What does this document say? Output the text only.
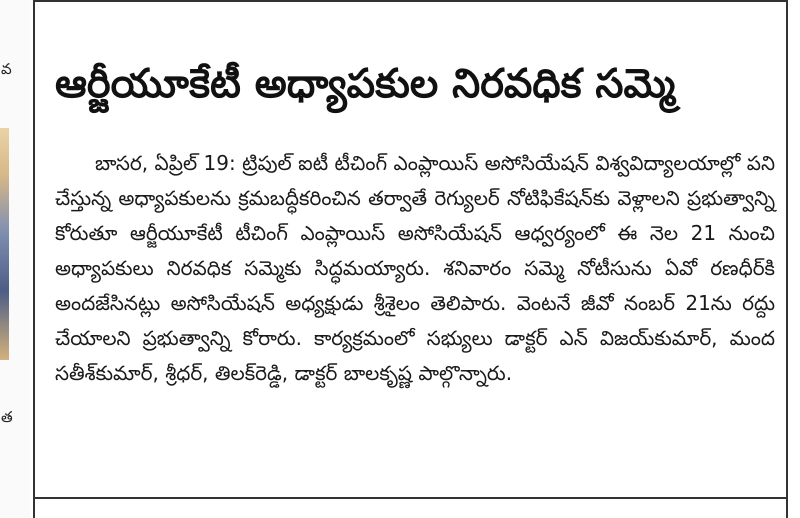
వ
త
ఆర్జీయూకేటీ అధ్యాపకుల నిరవధిక సమ్మె

బాసర, ఏప్రిల్ 19: ట్రిపుల్ ఐటీ టీచింగ్ ఎంప్లాయిస్ అసోసియేషన్ విశ్వవిద్యాలయాల్లో పని చేస్తున్న అధ్యాపకులను క్రమబద్ధీకరించిన తర్వాతే రెగ్యులర్ నోటిఫికేషన్‌కు వెళ్లాలని ప్రభుత్వాన్ని కోరుతూ ఆర్జీయూకేటీ టీచింగ్ ఎంప్లాయిస్ అసోసియేషన్ ఆధ్వర్యంలో ఈ నెల 21 నుంచి అధ్యాపకులు నిరవధిక సమ్మెకు సిద్ధమయ్యారు. శనివారం సమ్మె నోటీసును ఏవో రణధీర్‌కి అందజేసినట్లు అసోసియేషన్ అధ్యక్షుడు శ్రీశైలం తెలిపారు. వెంటనే జీవో నంబర్ 21ను రద్దు చేయాలని ప్రభుత్వాన్ని కోరారు. కార్యక్రమంలో సభ్యులు డాక్టర్ ఎన్ విజయ్‌కుమార్, మంద సతీశ్‌కుమార్, శ్రీధర్, తిలక్‌రెడ్డి, డాక్టర్ బాలకృష్ణ పాల్గొన్నారు.
